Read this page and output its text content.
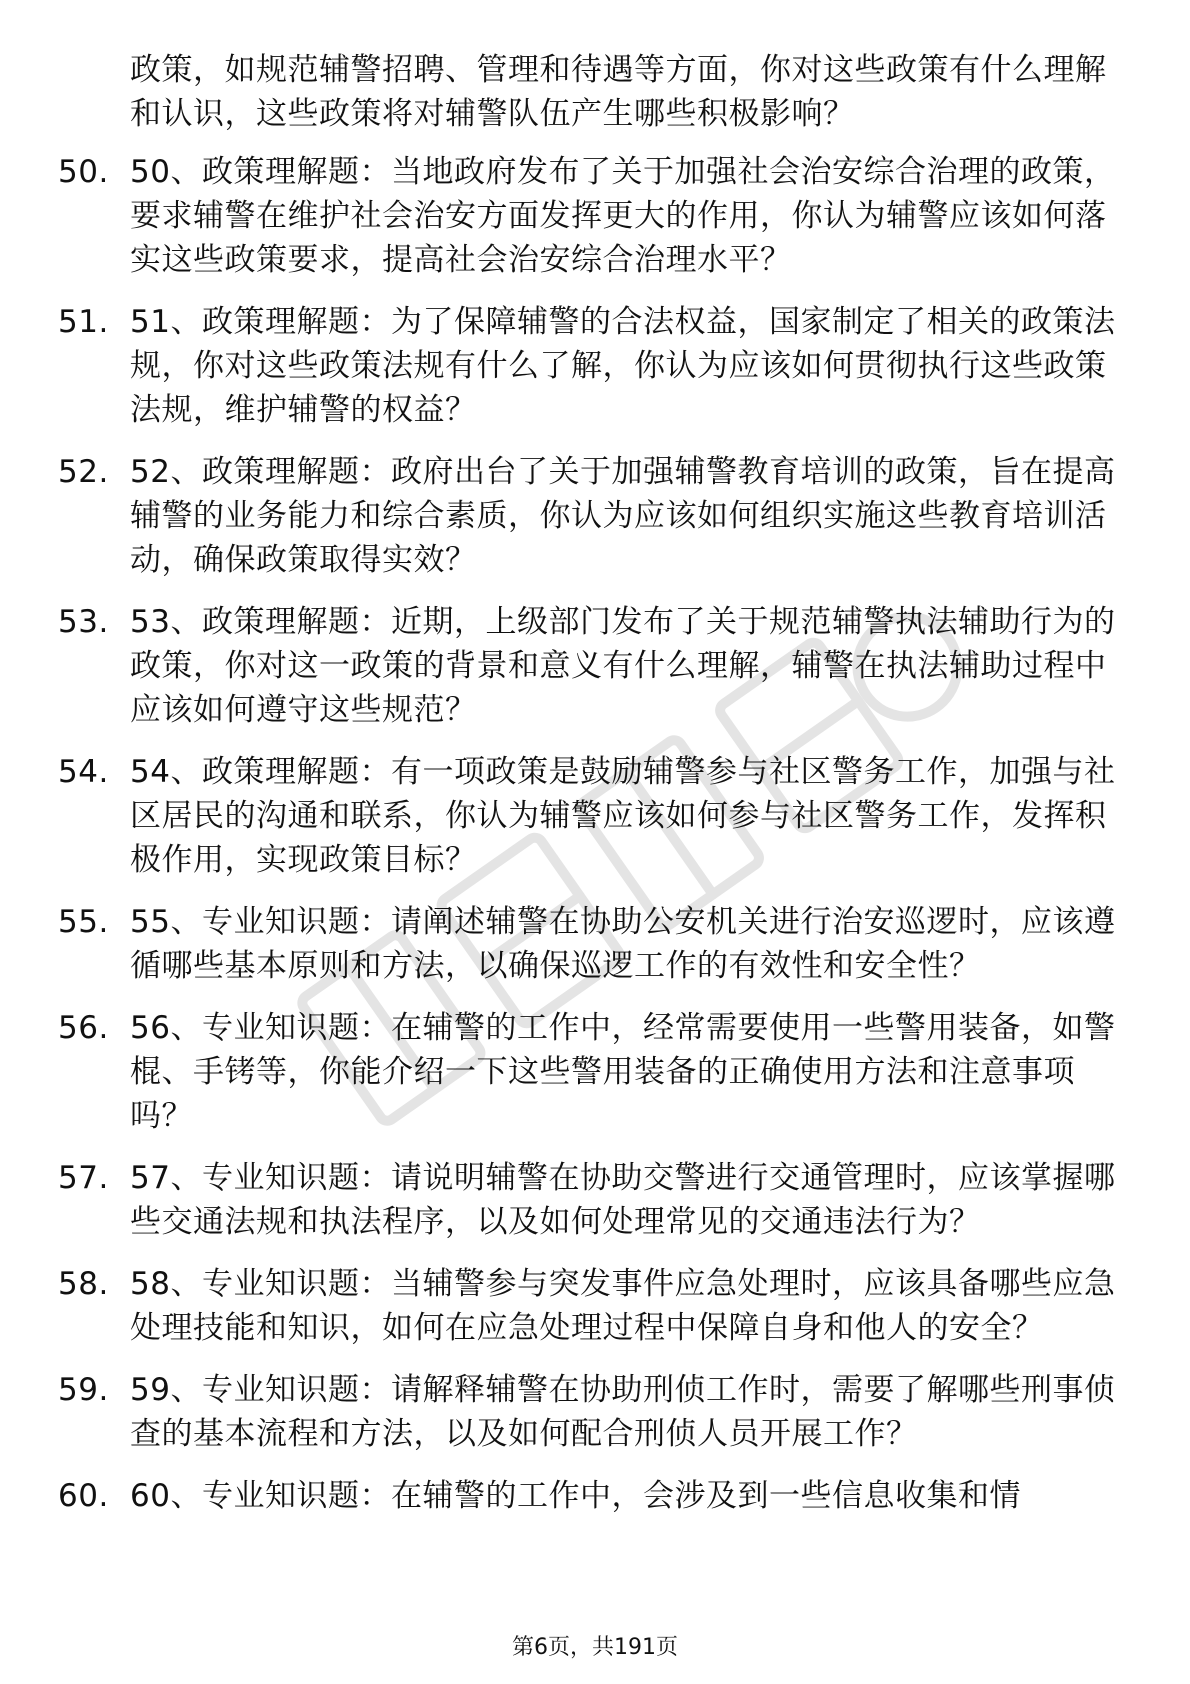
政策，如规范辅警招聘、管理和待遇等方面，你对这些政策有什么理解和认识，这些政策将对辅警队伍产生哪些积极影响？
50. 50、政策理解题：当地政府发布了关于加强社会治安综合治理的政策，要求辅警在维护社会治安方面发挥更大的作用，你认为辅警应该如何落实这些政策要求，提高社会治安综合治理水平？
51. 51、政策理解题：为了保障辅警的合法权益，国家制定了相关的政策法规，你对这些政策法规有什么了解，你认为应该如何贯彻执行这些政策法规，维护辅警的权益？
52. 52、政策理解题：政府出台了关于加强辅警教育培训的政策，旨在提高辅警的业务能力和综合素质，你认为应该如何组织实施这些教育培训活动，确保政策取得实效？
53. 53、政策理解题：近期，上级部门发布了关于规范辅警执法辅助行为的政策，你对这一政策的背景和意义有什么理解，辅警在执法辅助过程中应该如何遵守这些规范？
54. 54、政策理解题：有一项政策是鼓励辅警参与社区警务工作，加强与社区居民的沟通和联系，你认为辅警应该如何参与社区警务工作，发挥积极作用，实现政策目标？
55. 55、专业知识题：请阐述辅警在协助公安机关进行治安巡逻时，应该遵循哪些基本原则和方法，以确保巡逻工作的有效性和安全性？
56. 56、专业知识题：在辅警的工作中，经常需要使用一些警用装备，如警棍、手铐等，你能介绍一下这些警用装备的正确使用方法和注意事项吗？
57. 57、专业知识题：请说明辅警在协助交警进行交通管理时，应该掌握哪些交通法规和执法程序，以及如何处理常见的交通违法行为？
58. 58、专业知识题：当辅警参与突发事件应急处理时，应该具备哪些应急处理技能和知识，如何在应急处理过程中保障自身和他人的安全？
59. 59、专业知识题：请解释辅警在协助刑侦工作时，需要了解哪些刑事侦查的基本流程和方法，以及如何配合刑侦人员开展工作？
60. 60、专业知识题：在辅警的工作中，会涉及到一些信息收集和情
第6页，共191页
